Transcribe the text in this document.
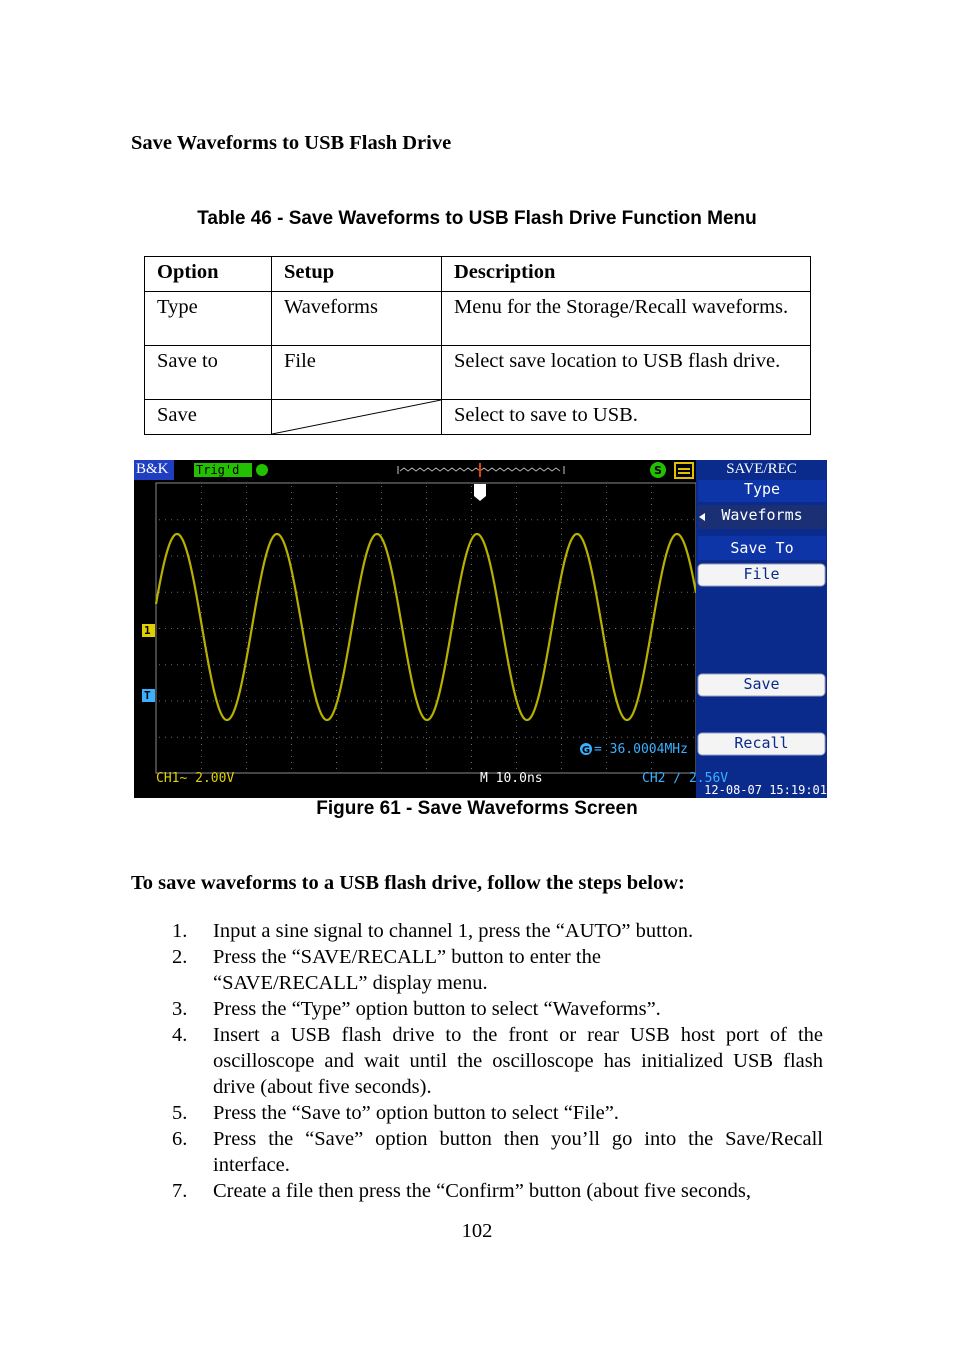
Save Waveforms to USB Flash Drive
Table 46 - Save Waveforms to USB Flash Drive Function Menu
Option	Setup	Description
Type	Waveforms	Menu for the Storage/Recall waveforms.
Save to	File	Select save location to USB flash drive.
Save		Select to save to USB.
S
G
B&K Trig'd	SAVE/REC
Type
Waveforms
Save To
File
Save
Recall
= 36.0004MHz
CH1~ 2.00V	M 10.0ns	CH2 ∕ 2.56V
12-08-07 15:19:01
1
T
Figure 61 - Save Waveforms Screen
To save waveforms to a USB flash drive, follow the steps below:
1. Input a sine signal to channel 1, press the “AUTO” button.
2. Press the “SAVE/RECALL” button to enter the “SAVE/RECALL” display menu.
3. Press the “Type” option button to select “Waveforms”.
4. Insert a USB flash drive to the front or rear USB host port of the oscilloscope and wait until the oscilloscope has initialized USB flash drive (about five seconds).
5. Press the “Save to” option button to select “File”.
6. Press the “Save” option button then you’ll go into the Save/Recall interface.
7. Create a file then press the “Confirm” button (about five seconds,
102
